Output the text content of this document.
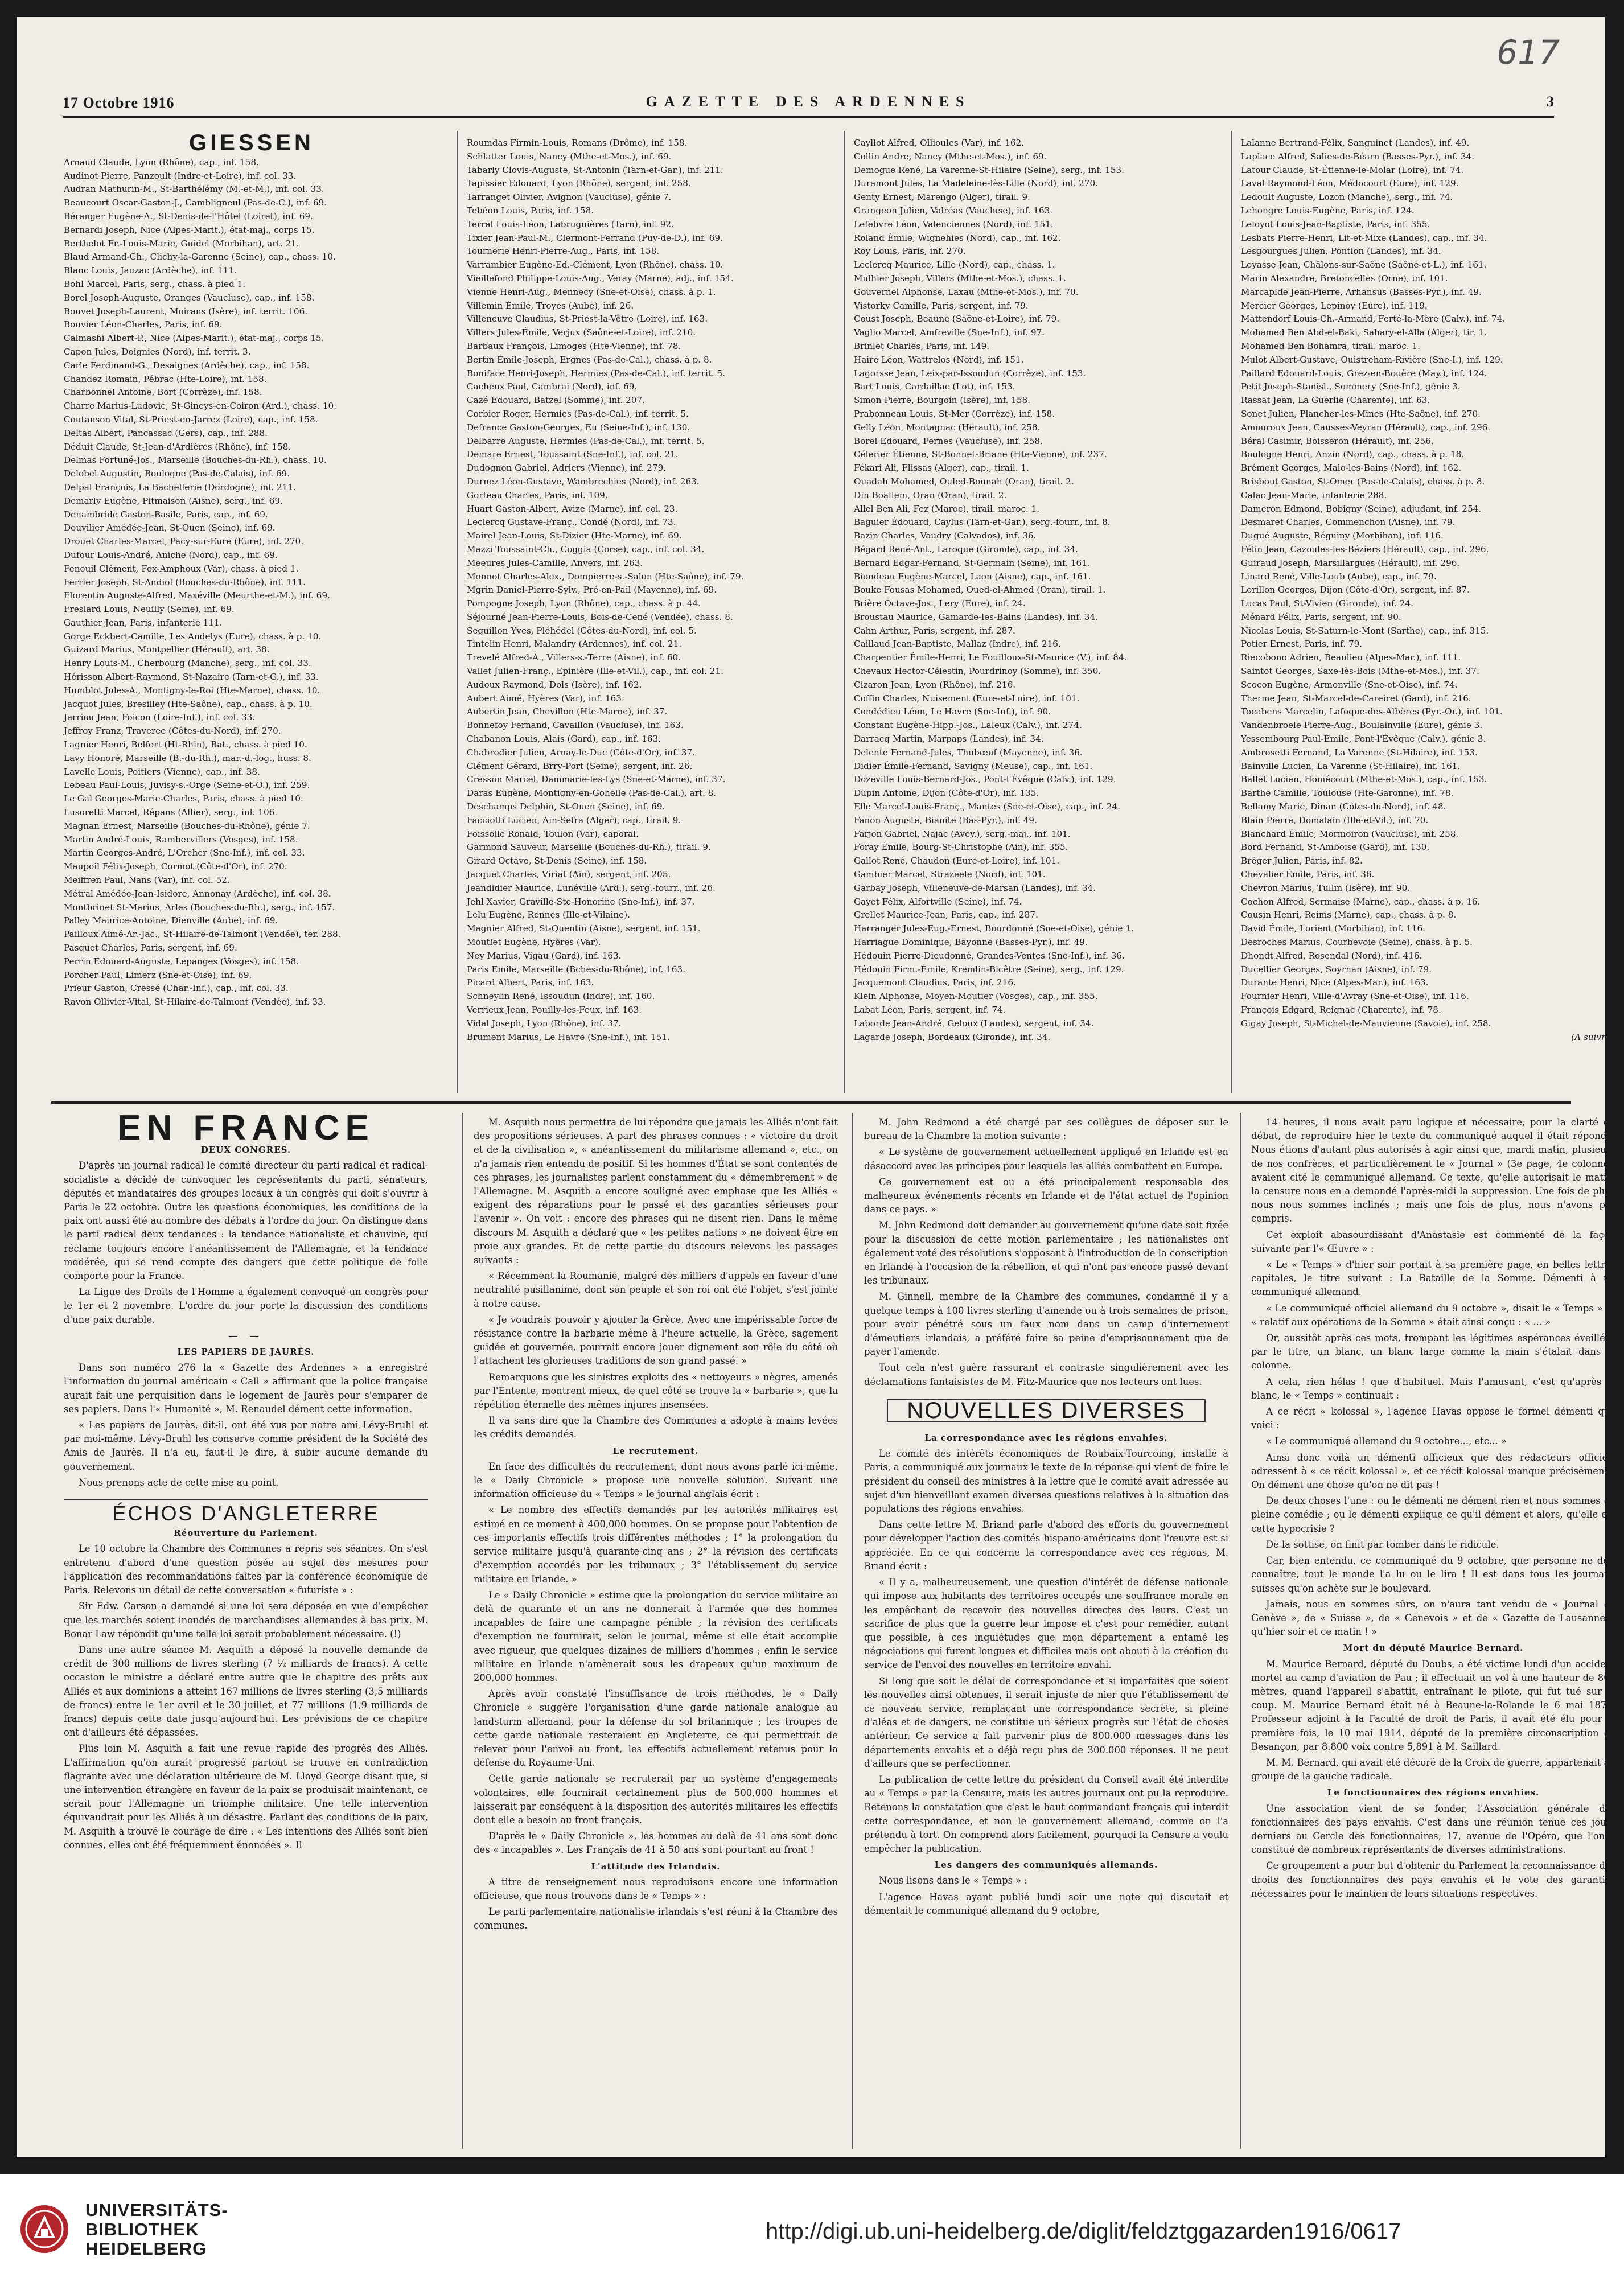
617
17 Octobre 1916	GAZETTE DES ARDENNES	3
GIESSEN
Arnaud Claude, Lyon (Rhône), cap., inf. 158.
Audinot Pierre, Panzoult (Indre-et-Loire), inf. col. 33.
Audran Mathurin-M., St-Barthélémy (M.-et-M.), inf. col. 33.
Beaucourt Oscar-Gaston-J., Cambligneul (Pas-de-C.), inf. 69.
Béranger Eugène-A., St-Denis-de-l'Hôtel (Loiret), inf. 69.
Bernardi Joseph, Nice (Alpes-Marit.), état-maj., corps 15.
Berthelot Fr.-Louis-Marie, Guidel (Morbihan), art. 21.
Blaud Armand-Ch., Clichy-la-Garenne (Seine), cap., chass. 10.
Blanc Louis, Jauzac (Ardèche), inf. 111.
Bohl Marcel, Paris, serg., chass. à pied 1.
Borel Joseph-Auguste, Oranges (Vaucluse), cap., inf. 158.
Bouvet Joseph-Laurent, Moirans (Isère), inf. territ. 106.
Bouvier Léon-Charles, Paris, inf. 69.
Calmashi Albert-P., Nice (Alpes-Marit.), état-maj., corps 15.
Capon Jules, Doignies (Nord), inf. territ. 3.
Carle Ferdinand-G., Desaignes (Ardèche), cap., inf. 158.
Chandez Romain, Pébrac (Hte-Loire), inf. 158.
Charbonnel Antoine, Bort (Corrèze), inf. 158.
Charre Marius-Ludovic, St-Gineys-en-Coiron (Ard.), chass. 10.
Coutanson Vital, St-Priest-en-Jarrez (Loire), cap., inf. 158.
Deltas Albert, Pancassac (Gers), cap., inf. 288.
Déduit Claude, St-Jean-d'Ardières (Rhône), inf. 158.
Delmas Fortuné-Jos., Marseille (Bouches-du-Rh.), chass. 10.
Delobel Augustin, Boulogne (Pas-de-Calais), inf. 69.
Delpal François, La Bachellerie (Dordogne), inf. 211.
Demarly Eugène, Pitmaison (Aisne), serg., inf. 69.
Denambride Gaston-Basile, Paris, cap., inf. 69.
Douvilier Amédée-Jean, St-Ouen (Seine), inf. 69.
Drouet Charles-Marcel, Pacy-sur-Eure (Eure), inf. 270.
Dufour Louis-André, Aniche (Nord), cap., inf. 69.
Fenouil Clément, Fox-Amphoux (Var), chass. à pied 1.
Ferrier Joseph, St-Andiol (Bouches-du-Rhône), inf. 111.
Florentin Auguste-Alfred, Maxéville (Meurthe-et-M.), inf. 69.
Freslard Louis, Neuilly (Seine), inf. 69.
Gauthier Jean, Paris, infanterie 111.
Gorge Eckbert-Camille, Les Andelys (Eure), chass. à p. 10.
Guizard Marius, Montpellier (Hérault), art. 38.
Henry Louis-M., Cherbourg (Manche), serg., inf. col. 33.
Hérisson Albert-Raymond, St-Nazaire (Tarn-et-G.), inf. 33.
Humblot Jules-A., Montigny-le-Roi (Hte-Marne), chass. 10.
Jacquot Jules, Bresilley (Hte-Saône), cap., chass. à p. 10.
Jarriou Jean, Foicon (Loire-Inf.), inf. col. 33.
Jeffroy Franz, Traveree (Côtes-du-Nord), inf. 270.
Lagnier Henri, Belfort (Ht-Rhin), Bat., chass. à pied 10.
Lavy Honoré, Marseille (B.-du-Rh.), mar.-d.-log., huss. 8.
Lavelle Louis, Poitiers (Vienne), cap., inf. 38.
Lebeau Paul-Louis, Juvisy-s.-Orge (Seine-et-O.), inf. 259.
Le Gal Georges-Marie-Charles, Paris, chass. à pied 10.
Lusoretti Marcel, Répans (Allier), serg., inf. 106.
Magnan Ernest, Marseille (Bouches-du-Rhône), génie 7.
Martin André-Louis, Rambervillers (Vosges), inf. 158.
Martin Georges-André, L'Orcher (Sne-Inf.), inf. col. 33.
Maupoil Félix-Joseph, Cormot (Côte-d'Or), inf. 270.
Meiffren Paul, Nans (Var), inf. col. 52.
Métral Amédée-Jean-Isidore, Annonay (Ardèche), inf. col. 38.
Montbrinet St-Marius, Arles (Bouches-du-Rh.), serg., inf. 157.
Palley Maurice-Antoine, Dienville (Aube), inf. 69.
Pailloux Aimé-Ar.-Jac., St-Hilaire-de-Talmont (Vendée), ter. 288.
Pasquet Charles, Paris, sergent, inf. 69.
Perrin Edouard-Auguste, Lepanges (Vosges), inf. 158.
Porcher Paul, Limerz (Sne-et-Oise), inf. 69.
Prieur Gaston, Cressé (Char.-Inf.), cap., inf. col. 33.
Ravon Ollivier-Vital, St-Hilaire-de-Talmont (Vendée), inf. 33.
Roumdas Firmin-Louis, Romans (Drôme), inf. 158.
Schlatter Louis, Nancy (Mthe-et-Mos.), inf. 69.
Tabarly Clovis-Auguste, St-Antonin (Tarn-et-Gar.), inf. 211.
Tapissier Edouard, Lyon (Rhône), sergent, inf. 258.
Tarranget Olivier, Avignon (Vaucluse), génie 7.
Tebéon Louis, Paris, inf. 158.
Terral Louis-Léon, Labruguières (Tarn), inf. 92.
Tixier Jean-Paul-M., Clermont-Ferrand (Puy-de-D.), inf. 69.
Tournerie Henri-Pierre-Aug., Paris, inf. 158.
Varrambier Eugène-Ed.-Clément, Lyon (Rhône), chass. 10.
Vieillefond Philippe-Louis-Aug., Veray (Marne), adj., inf. 154.
Vienne Henri-Aug., Mennecy (Sne-et-Oise), chass. à p. 1.
Villemin Émile, Troyes (Aube), inf. 26.
Villeneuve Claudius, St-Priest-la-Vêtre (Loire), inf. 163.
Villers Jules-Émile, Verjux (Saône-et-Loire), inf. 210.
Barbaux François, Limoges (Hte-Vienne), inf. 78.
Bertin Émile-Joseph, Ergnes (Pas-de-Cal.), chass. à p. 8.
Boniface Henri-Joseph, Hermies (Pas-de-Cal.), inf. territ. 5.
Cacheux Paul, Cambrai (Nord), inf. 69.
Cazé Edouard, Batzel (Somme), inf. 207.
Corbier Roger, Hermies (Pas-de-Cal.), inf. territ. 5.
Defrance Gaston-Georges, Eu (Seine-Inf.), inf. 130.
Delbarre Auguste, Hermies (Pas-de-Cal.), inf. territ. 5.
Demare Ernest, Toussaint (Sne-Inf.), inf. col. 21.
Dudognon Gabriel, Adriers (Vienne), inf. 279.
Durnez Léon-Gustave, Wambrechies (Nord), inf. 263.
Gorteau Charles, Paris, inf. 109.
Huart Gaston-Albert, Avize (Marne), inf. col. 23.
Leclercq Gustave-Franç., Condé (Nord), inf. 73.
Mairel Jean-Louis, St-Dizier (Hte-Marne), inf. 69.
Mazzi Toussaint-Ch., Coggia (Corse), cap., inf. col. 34.
Meeures Jules-Camille, Anvers, inf. 263.
Monnot Charles-Alex., Dompierre-s.-Salon (Hte-Saône), inf. 79.
Mgrin Daniel-Pierre-Sylv., Pré-en-Pail (Mayenne), inf. 69.
Pompogne Joseph, Lyon (Rhône), cap., chass. à p. 44.
Séjourné Jean-Pierre-Louis, Bois-de-Cené (Vendée), chass. 8.
Seguillon Yves, Pléhédel (Côtes-du-Nord), inf. col. 5.
Tintelin Henri, Malandry (Ardennes), inf. col. 21.
Trevelé Alfred-A., Villers-s.-Terre (Aisne), inf. 60.
Vallet Julien-Franç., Epinière (Ille-et-Vil.), cap., inf. col. 21.
Audoux Raymond, Dols (Isère), inf. 162.
Aubert Aimé, Hyères (Var), inf. 163.
Aubertin Jean, Chevillon (Hte-Marne), inf. 37.
Bonnefoy Fernand, Cavaillon (Vaucluse), inf. 163.
Chabanon Louis, Alais (Gard), cap., inf. 163.
Chabrodier Julien, Arnay-le-Duc (Côte-d'Or), inf. 37.
Clément Gérard, Brry-Port (Seine), sergent, inf. 26.
Cresson Marcel, Dammarie-les-Lys (Sne-et-Marne), inf. 37.
Daras Eugène, Montigny-en-Gohelle (Pas-de-Cal.), art. 8.
Deschamps Delphin, St-Ouen (Seine), inf. 69.
Facciotti Lucien, Ain-Sefra (Alger), cap., tirail. 9.
Foissolle Ronald, Toulon (Var), caporal.
Garmond Sauveur, Marseille (Bouches-du-Rh.), tirail. 9.
Girard Octave, St-Denis (Seine), inf. 158.
Jacquet Charles, Viriat (Ain), sergent, inf. 205.
Jeandidier Maurice, Lunéville (Ard.), serg.-fourr., inf. 26.
Jehl Xavier, Graville-Ste-Honorine (Sne-Inf.), inf. 37.
Lelu Eugène, Rennes (Ille-et-Vilaine).
Magnier Alfred, St-Quentin (Aisne), sergent, inf. 151.
Moutlet Eugène, Hyères (Var).
Ney Marius, Vigau (Gard), inf. 163.
Paris Emile, Marseille (Bches-du-Rhône), inf. 163.
Picard Albert, Paris, inf. 163.
Schneylin René, Issoudun (Indre), inf. 160.
Verrieux Jean, Pouilly-les-Feux, inf. 163.
Vidal Joseph, Lyon (Rhône), inf. 37.
Brument Marius, Le Havre (Sne-Inf.), inf. 151.
Cayllot Alfred, Ollioules (Var), inf. 162.
Collin Andre, Nancy (Mthe-et-Mos.), inf. 69.
Demogue René, La Varenne-St-Hilaire (Seine), serg., inf. 153.
Duramont Jules, La Madeleine-lès-Lille (Nord), inf. 270.
Genty Ernest, Marengo (Alger), tirail. 9.
Grangeon Julien, Valréas (Vaucluse), inf. 163.
Lefebvre Léon, Valenciennes (Nord), inf. 151.
Roland Émile, Wignehies (Nord), cap., inf. 162.
Roy Louis, Paris, inf. 270.
Leclercq Maurice, Lille (Nord), cap., chass. 1.
Mulhier Joseph, Villers (Mthe-et-Mos.), chass. 1.
Gouvernel Alphonse, Laxau (Mthe-et-Mos.), inf. 70.
Vistorky Camille, Paris, sergent, inf. 79.
Coust Joseph, Beaune (Saône-et-Loire), inf. 79.
Vaglio Marcel, Amfreville (Sne-Inf.), inf. 97.
Brinlet Charles, Paris, inf. 149.
Haire Léon, Wattrelos (Nord), inf. 151.
Lagorsse Jean, Leix-par-Issoudun (Corrèze), inf. 153.
Bart Louis, Cardaillac (Lot), inf. 153.
Simon Pierre, Bourgoin (Isère), inf. 158.
Prabonneau Louis, St-Mer (Corrèze), inf. 158.
Gelly Léon, Montagnac (Hérault), inf. 258.
Borel Edouard, Pernes (Vaucluse), inf. 258.
Célerier Étienne, St-Bonnet-Briane (Hte-Vienne), inf. 237.
Fékari Ali, Flissas (Alger), cap., tirail. 1.
Ouadah Mohamed, Ouled-Bounah (Oran), tirail. 2.
Din Boallem, Oran (Oran), tirail. 2.
Allel Ben Ali, Fez (Maroc), tirail. maroc. 1.
Baguier Édouard, Caylus (Tarn-et-Gar.), serg.-fourr., inf. 8.
Bazin Charles, Vaudry (Calvados), inf. 36.
Bégard René-Ant., Laroque (Gironde), cap., inf. 34.
Bernard Edgar-Fernand, St-Germain (Seine), inf. 161.
Biondeau Eugène-Marcel, Laon (Aisne), cap., inf. 161.
Bouke Fousas Mohamed, Oued-el-Ahmed (Oran), tirail. 1.
Brière Octave-Jos., Lery (Eure), inf. 24.
Broustau Maurice, Gamarde-les-Bains (Landes), inf. 34.
Cahn Arthur, Paris, sergent, inf. 287.
Caillaud Jean-Baptiste, Mallaz (Indre), inf. 216.
Charpentier Émile-Henri, Le Fouilloux-St-Maurice (V.), inf. 84.
Chevaux Hector-Célestin, Pourdrinoy (Somme), inf. 350.
Cizaron Jean, Lyon (Rhône), inf. 216.
Coffin Charles, Nuisement (Eure-et-Loire), inf. 101.
Condédieu Léon, Le Havre (Sne-Inf.), inf. 90.
Constant Eugène-Hipp.-Jos., Laleux (Calv.), inf. 274.
Darracq Martin, Marpaps (Landes), inf. 34.
Delente Fernand-Jules, Thubœuf (Mayenne), inf. 36.
Didier Émile-Fernand, Savigny (Meuse), cap., inf. 161.
Dozeville Louis-Bernard-Jos., Pont-l'Évêque (Calv.), inf. 129.
Dupin Antoine, Dijon (Côte-d'Or), inf. 135.
Elle Marcel-Louis-Franç., Mantes (Sne-et-Oise), cap., inf. 24.
Fanon Auguste, Bianite (Bas-Pyr.), inf. 49.
Farjon Gabriel, Najac (Avey.), serg.-maj., inf. 101.
Foray Émile, Bourg-St-Christophe (Ain), inf. 355.
Gallot René, Chaudon (Eure-et-Loire), inf. 101.
Gambier Marcel, Strazeele (Nord), inf. 101.
Garbay Joseph, Villeneuve-de-Marsan (Landes), inf. 34.
Gayet Félix, Alfortville (Seine), inf. 74.
Grellet Maurice-Jean, Paris, cap., inf. 287.
Harranger Jules-Eug.-Ernest, Bourdonné (Sne-et-Oise), génie 1.
Harriague Dominique, Bayonne (Basses-Pyr.), inf. 49.
Hédouin Pierre-Dieudonné, Grandes-Ventes (Sne-Inf.), inf. 36.
Hédouin Firm.-Émile, Kremlin-Bicêtre (Seine), serg., inf. 129.
Jacquemont Claudius, Paris, inf. 216.
Klein Alphonse, Moyen-Moutier (Vosges), cap., inf. 355.
Labat Léon, Paris, sergent, inf. 74.
Laborde Jean-André, Geloux (Landes), sergent, inf. 34.
Lagarde Joseph, Bordeaux (Gironde), inf. 34.
Lalanne Bertrand-Félix, Sanguinet (Landes), inf. 49.
Laplace Alfred, Salies-de-Béarn (Basses-Pyr.), inf. 34.
Latour Claude, St-Étienne-le-Molar (Loire), inf. 74.
Laval Raymond-Léon, Médocourt (Eure), inf. 129.
Ledoult Auguste, Lozon (Manche), serg., inf. 74.
Lehongre Louis-Eugène, Paris, inf. 124.
Leloyot Louis-Jean-Baptiste, Paris, inf. 355.
Lesbats Pierre-Henri, Lit-et-Mixe (Landes), cap., inf. 34.
Lesgourgues Julien, Pontlon (Landes), inf. 34.
Loyasse Jean, Châlons-sur-Saône (Saône-et-L.), inf. 161.
Marin Alexandre, Bretoncelles (Orne), inf. 101.
Marcaplde Jean-Pierre, Arhansus (Basses-Pyr.), inf. 49.
Mercier Georges, Lepinoy (Eure), inf. 119.
Mattendorf Louis-Ch.-Armand, Ferté-la-Mère (Calv.), inf. 74.
Mohamed Ben Abd-el-Baki, Sahary-el-Alla (Alger), tir. 1.
Mohamed Ben Bohamra, tirail. maroc. 1.
Mulot Albert-Gustave, Ouistreham-Rivière (Sne-I.), inf. 129.
Paillard Edouard-Louis, Grez-en-Bouère (May.), inf. 124.
Petit Joseph-Stanisl., Sommery (Sne-Inf.), génie 3.
Rassat Jean, La Guerlie (Charente), inf. 63.
Sonet Julien, Plancher-les-Mines (Hte-Saône), inf. 270.
Amouroux Jean, Causses-Veyran (Hérault), cap., inf. 296.
Béral Casimir, Boisseron (Hérault), inf. 256.
Boulogne Henri, Anzin (Nord), cap., chass. à p. 18.
Brément Georges, Malo-les-Bains (Nord), inf. 162.
Brisbout Gaston, St-Omer (Pas-de-Calais), chass. à p. 8.
Calac Jean-Marie, infanterie 288.
Dameron Edmond, Bobigny (Seine), adjudant, inf. 254.
Desmaret Charles, Commenchon (Aisne), inf. 79.
Dugué Auguste, Réguiny (Morbihan), inf. 116.
Félin Jean, Cazoules-les-Béziers (Hérault), cap., inf. 296.
Guiraud Joseph, Marsillargues (Hérault), inf. 296.
Linard René, Ville-Loub (Aube), cap., inf. 79.
Lorillon Georges, Dijon (Côte-d'Or), sergent, inf. 87.
Lucas Paul, St-Vivien (Gironde), inf. 24.
Ménard Félix, Paris, sergent, inf. 90.
Nicolas Louis, St-Saturn-le-Mont (Sarthe), cap., inf. 315.
Potier Ernest, Paris, inf. 79.
Riecobono Adrien, Beaulieu (Alpes-Mar.), inf. 111.
Saintot Georges, Saxe-lès-Bois (Mthe-et-Mos.), inf. 37.
Scocon Eugène, Armonville (Sne-et-Oise), inf. 74.
Therme Jean, St-Marcel-de-Careiret (Gard), inf. 216.
Tocabens Marcelin, Lafoque-des-Albères (Pyr.-Or.), inf. 101.
Vandenbroele Pierre-Aug., Boulainville (Eure), génie 3.
Yessembourg Paul-Émile, Pont-l'Évêque (Calv.), génie 3.
Ambrosetti Fernand, La Varenne (St-Hilaire), inf. 153.
Bainville Lucien, La Varenne (St-Hilaire), inf. 161.
Ballet Lucien, Homécourt (Mthe-et-Mos.), cap., inf. 153.
Barthe Camille, Toulouse (Hte-Garonne), inf. 78.
Bellamy Marie, Dinan (Côtes-du-Nord), inf. 48.
Blain Pierre, Domalain (Ille-et-Vil.), inf. 70.
Blanchard Émile, Mormoiron (Vaucluse), inf. 258.
Bord Fernand, St-Amboise (Gard), inf. 130.
Bréger Julien, Paris, inf. 82.
Chevalier Émile, Paris, inf. 36.
Chevron Marius, Tullin (Isère), inf. 90.
Cochon Alfred, Sermaise (Marne), cap., chass. à p. 16.
Cousin Henri, Reims (Marne), cap., chass. à p. 8.
David Émile, Lorient (Morbihan), inf. 116.
Desroches Marius, Courbevoie (Seine), chass. à p. 5.
Dhondt Alfred, Rosendal (Nord), inf. 416.
Ducellier Georges, Soyrnan (Aisne), inf. 79.
Durante Henri, Nice (Alpes-Mar.), inf. 163.
Fournier Henri, Ville-d'Avray (Sne-et-Oise), inf. 116.
François Edgard, Reignac (Charente), inf. 78.
Gigay Joseph, St-Michel-de-Mauvienne (Savoie), inf. 258.
(A suivre.)
EN FRANCE

DEUX CONGRES.

D'après un journal radical le comité directeur du parti radical et radical-socialiste a décidé de convoquer les représentants du parti, sénateurs, députés et mandataires des groupes locaux à un congrès qui doit s'ouvrir à Paris le 22 octobre. Outre les questions économiques, les conditions de la paix ont aussi été au nombre des débats à l'ordre du jour. On distingue dans le parti radical deux tendances : la tendance nationaliste et chauvine, qui réclame toujours encore l'anéantissement de l'Allemagne, et la tendance modérée, qui se rend compte des dangers que cette politique de folle comporte pour la France.

La Ligue des Droits de l'Homme a également convoqué un congrès pour le 1er et 2 novembre. L'ordre du jour porte la discussion des conditions d'une paix durable.

— —

LES PAPIERS DE JAURÈS.

Dans son numéro 276 la « Gazette des Ardennes » a enregistré l'information du journal américain « Call » affirmant que la police française aurait fait une perquisition dans le logement de Jaurès pour s'emparer de ses papiers. Dans l'« Humanité », M. Renaudel dément cette information.

« Les papiers de Jaurès, dit-il, ont été vus par notre ami Lévy-Bruhl et par moi-même. Lévy-Bruhl les conserve comme président de la Société des Amis de Jaurès. Il n'a eu, faut-il le dire, à subir aucune demande du gouvernement.

Nous prenons acte de cette mise au point.

ÉCHOS D'ANGLETERRE

Réouverture du Parlement.

Le 10 octobre la Chambre des Communes a repris ses séances. On s'est entretenu d'abord d'une question posée au sujet des mesures pour l'application des recommandations faites par la conférence économique de Paris. Relevons un détail de cette conversation « futuriste » :

Sir Edw. Carson a demandé si une loi sera déposée en vue d'empêcher que les marchés soient inondés de marchandises allemandes à bas prix. M. Bonar Law répondit qu'une telle loi serait probablement nécessaire. (!)

Dans une autre séance M. Asquith a déposé la nouvelle demande de crédit de 300 millions de livres sterling (7 ½ milliards de francs). A cette occasion le ministre a déclaré entre autre que le chapitre des prêts aux Alliés et aux dominions a atteint 167 millions de livres sterling (3,5 milliards de francs) entre le 1er avril et le 30 juillet, et 77 millions (1,9 milliards de francs) depuis cette date jusqu'aujourd'hui. Les prévisions de ce chapitre ont d'ailleurs été dépassées.

Plus loin M. Asquith a fait une revue rapide des progrès des Alliés. L'affirmation qu'on aurait progressé partout se trouve en contradiction flagrante avec une déclaration ultérieure de M. Lloyd George disant que, si une intervention étrangère en faveur de la paix se produisait maintenant, ce serait pour l'Allemagne un triomphe militaire. Une telle intervention équivaudrait pour les Alliés à un désastre. Parlant des conditions de la paix, M. Asquith a trouvé le courage de dire : « Les intentions des Alliés sont bien connues, elles ont été fréquemment énoncées ». Il

M. Asquith nous permettra de lui répondre que jamais les Alliés n'ont fait des propositions sérieuses. A part des phrases connues : « victoire du droit et de la civilisation », « anéantissement du militarisme allemand », etc., on n'a jamais rien entendu de positif. Si les hommes d'État se sont contentés de ces phrases, les journalistes parlent constamment du « démembrement » de l'Allemagne. M. Asquith a encore souligné avec emphase que les Alliés « exigent des réparations pour le passé et des garanties sérieuses pour l'avenir ». On voit : encore des phrases qui ne disent rien. Dans le même discours M. Asquith a déclaré que « les petites nations » ne doivent être en proie aux grandes. Et de cette partie du discours relevons les passages suivants :

« Récemment la Roumanie, malgré des milliers d'appels en faveur d'une neutralité pusillanime, dont son peuple et son roi ont été l'objet, s'est jointe à notre cause.

« Je voudrais pouvoir y ajouter la Grèce. Avec une impérissable force de résistance contre la barbarie même à l'heure actuelle, la Grèce, sagement guidée et gouvernée, pourrait encore jouer dignement son rôle du côté où l'attachent les glorieuses traditions de son grand passé. »

Remarquons que les sinistres exploits des « nettoyeurs » nègres, amenés par l'Entente, montrent mieux, de quel côté se trouve la « barbarie », que la répétition éternelle des mêmes injures insensées.

Il va sans dire que la Chambre des Communes a adopté à mains levées les crédits demandés.

Le recrutement.

En face des difficultés du recrutement, dont nous avons parlé ici-même, le « Daily Chronicle » propose une nouvelle solution. Suivant une information officieuse du « Temps » le journal anglais écrit :

« Le nombre des effectifs demandés par les autorités militaires est estimé en ce moment à 400,000 hommes. On se propose pour l'obtention de ces importants effectifs trois différentes méthodes ; 1° la prolongation du service militaire jusqu'à quarante-cinq ans ; 2° la révision des certificats d'exemption accordés par les tribunaux ; 3° l'établissement du service militaire en Irlande. »

Le « Daily Chronicle » estime que la prolongation du service militaire au delà de quarante et un ans ne donnerait à l'armée que des hommes incapables de faire une campagne pénible ; la révision des certificats d'exemption ne fournirait, selon le journal, même si elle était accomplie avec rigueur, que quelques dizaines de milliers d'hommes ; enfin le service militaire en Irlande n'amènerait sous les drapeaux qu'un maximum de 200,000 hommes.

Après avoir constaté l'insuffisance de trois méthodes, le « Daily Chronicle » suggère l'organisation d'une garde nationale analogue au landsturm allemand, pour la défense du sol britannique ; les troupes de cette garde nationale resteraient en Angleterre, ce qui permettrait de relever pour l'envoi au front, les effectifs actuellement retenus pour la défense du Royaume-Uni.

Cette garde nationale se recruterait par un système d'engagements volontaires, elle fournirait certainement plus de 500,000 hommes et laisserait par conséquent à la disposition des autorités militaires les effectifs dont elle a besoin au front français.

D'après le « Daily Chronicle », les hommes au delà de 41 ans sont donc des « incapables ». Les Français de 41 à 50 ans sont pourtant au front !

L'attitude des Irlandais.

A titre de renseignement nous reproduisons encore une information officieuse, que nous trouvons dans le « Temps » :

Le parti parlementaire nationaliste irlandais s'est réuni à la Chambre des communes.

M. John Redmond a été chargé par ses collègues de déposer sur le bureau de la Chambre la motion suivante :

« Le système de gouvernement actuellement appliqué en Irlande est en désaccord avec les principes pour lesquels les alliés combattent en Europe.

Ce gouvernement est ou a été principalement responsable des malheureux événements récents en Irlande et de l'état actuel de l'opinion dans ce pays. »

M. John Redmond doit demander au gouvernement qu'une date soit fixée pour la discussion de cette motion parlementaire ; les nationalistes ont également voté des résolutions s'opposant à l'introduction de la conscription en Irlande à l'occasion de la rébellion, et qui n'ont pas encore passé devant les tribunaux.

M. Ginnell, membre de la Chambre des communes, condamné il y a quelque temps à 100 livres sterling d'amende ou à trois semaines de prison, pour avoir pénétré sous un faux nom dans un camp d'internement d'émeutiers irlandais, a préféré faire sa peine d'emprisonnement que de payer l'amende.

Tout cela n'est guère rassurant et contraste singulièrement avec les déclamations fantaisistes de M. Fitz-Maurice que nos lecteurs ont lues.

NOUVELLES DIVERSES

La correspondance avec les régions envahies.

Le comité des intérêts économiques de Roubaix-Tourcoing, installé à Paris, a communiqué aux journaux le texte de la réponse qui vient de faire le président du conseil des ministres à la lettre que le comité avait adressée au sujet d'un bienveillant examen diverses questions relatives à la situation des populations des régions envahies.

Dans cette lettre M. Briand parle d'abord des efforts du gouvernement pour développer l'action des comités hispano-américains dont l'œuvre est si appréciée. En ce qui concerne la correspondance avec ces régions, M. Briand écrit :

« Il y a, malheureusement, une question d'intérêt de défense nationale qui impose aux habitants des territoires occupés une souffrance morale en les empêchant de recevoir des nouvelles directes des leurs. C'est un sacrifice de plus que la guerre leur impose et c'est pour remédier, autant que possible, à ces inquiétudes que mon département a entamé les négociations qui furent longues et difficiles mais ont abouti à la création du service de l'envoi des nouvelles en territoire envahi.

Si long que soit le délai de correspondance et si imparfaites que soient les nouvelles ainsi obtenues, il serait injuste de nier que l'établissement de ce nouveau service, remplaçant une correspondance secrète, si pleine d'aléas et de dangers, ne constitue un sérieux progrès sur l'état de choses antérieur. Ce service a fait parvenir plus de 800.000 messages dans les départements envahis et a déjà reçu plus de 300.000 réponses. Il ne peut d'ailleurs que se perfectionner.

La publication de cette lettre du président du Conseil avait été interdite au « Temps » par la Censure, mais les autres journaux ont pu la reproduire. Retenons la constatation que c'est le haut commandant français qui interdit cette correspondance, et non le gouvernement allemand, comme on l'a prétendu à tort. On comprend alors facilement, pourquoi la Censure a voulu empêcher la publication.

Les dangers des communiqués allemands.

Nous lisons dans le « Temps » :

L'agence Havas ayant publié lundi soir une note qui discutait et démentait le communiqué allemand du 9 octobre,

14 heures, il nous avait paru logique et nécessaire, pour la clarté du débat, de reproduire hier le texte du communiqué auquel il était répondu. Nous étions d'autant plus autorisés à agir ainsi que, mardi matin, plusieurs de nos confrères, et particulièrement le « Journal » (3e page, 4e colonne), avaient cité le communiqué allemand. Ce texte, qu'elle autorisait le matin, la censure nous en a demandé l'après-midi la suppression. Une fois de plus, nous nous sommes inclinés ; mais une fois de plus, nous n'avons pas compris.

Cet exploit abasourdissant d'Anastasie est commenté de la façon suivante par l'« Œuvre » :

« Le « Temps » d'hier soir portait à sa première page, en belles lettres capitales, le titre suivant : La Bataille de la Somme. Démenti à un communiqué allemand.

« Le communiqué officiel allemand du 9 octobre », disait le « Temps » — « relatif aux opérations de la Somme » était ainsi conçu : « ... »

Or, aussitôt après ces mots, trompant les légitimes espérances éveillées par le titre, un blanc, un blanc large comme la main s'étalait dans la colonne.

A cela, rien hélas ! que d'habituel. Mais l'amusant, c'est qu'après le blanc, le « Temps » continuait :

A ce récit « kolossal », l'agence Havas oppose le formel démenti que voici :

« Le communiqué allemand du 9 octobre..., etc... »

Ainsi donc voilà un démenti officieux que des rédacteurs officiels adressent à « ce récit kolossal », et ce récit kolossal manque précisément ! On dément une chose qu'on ne dit pas !

De deux choses l'une : ou le démenti ne dément rien et nous sommes en pleine comédie ; ou le démenti explique ce qu'il dément et alors, qu'elle est cette hypocrisie ?

De la sottise, on finit par tomber dans le ridicule.

Car, bien entendu, ce communiqué du 9 octobre, que personne ne doit connaître, tout le monde l'a lu ou le lira ! Il est dans tous les journaux suisses qu'on achète sur le boulevard.

Jamais, nous en sommes sûrs, on n'aura tant vendu de « Journal de Genève », de « Suisse », de « Genevois » et de « Gazette de Lausanne » qu'hier soir et ce matin ! »

Mort du député Maurice Bernard.

M. Maurice Bernard, député du Doubs, a été victime lundi d'un accident mortel au camp d'aviation de Pau ; il effectuait un vol à une hauteur de 800 mètres, quand l'appareil s'abattit, entraînant le pilote, qui fut tué sur le coup. M. Maurice Bernard était né à Beaune-la-Rolande le 6 mai 1877. Professeur adjoint à la Faculté de droit de Paris, il avait été élu pour la première fois, le 10 mai 1914, député de la première circonscription de Besançon, par 8.800 voix contre 5,891 à M. Saillard.

M. M. Bernard, qui avait été décoré de la Croix de guerre, appartenait au groupe de la gauche radicale.

Le fonctionnaires des régions envahies.

Une association vient de se fonder, l'Association générale des fonctionnaires des pays envahis. C'est dans une réunion tenue ces jours derniers au Cercle des fonctionnaires, 17, avenue de l'Opéra, que l'on a constitué de nombreux représentants de diverses administrations.

Ce groupement a pour but d'obtenir du Parlement la reconnaissance des droits des fonctionnaires des pays envahis et le vote des garanties nécessaires pour le maintien de leurs situations respectives.

UNIVERSITÄTS-
BIBLIOTHEK
HEIDELBERG
http://digi.ub.uni-heidelberg.de/diglit/feldztggazarden1916/0617
